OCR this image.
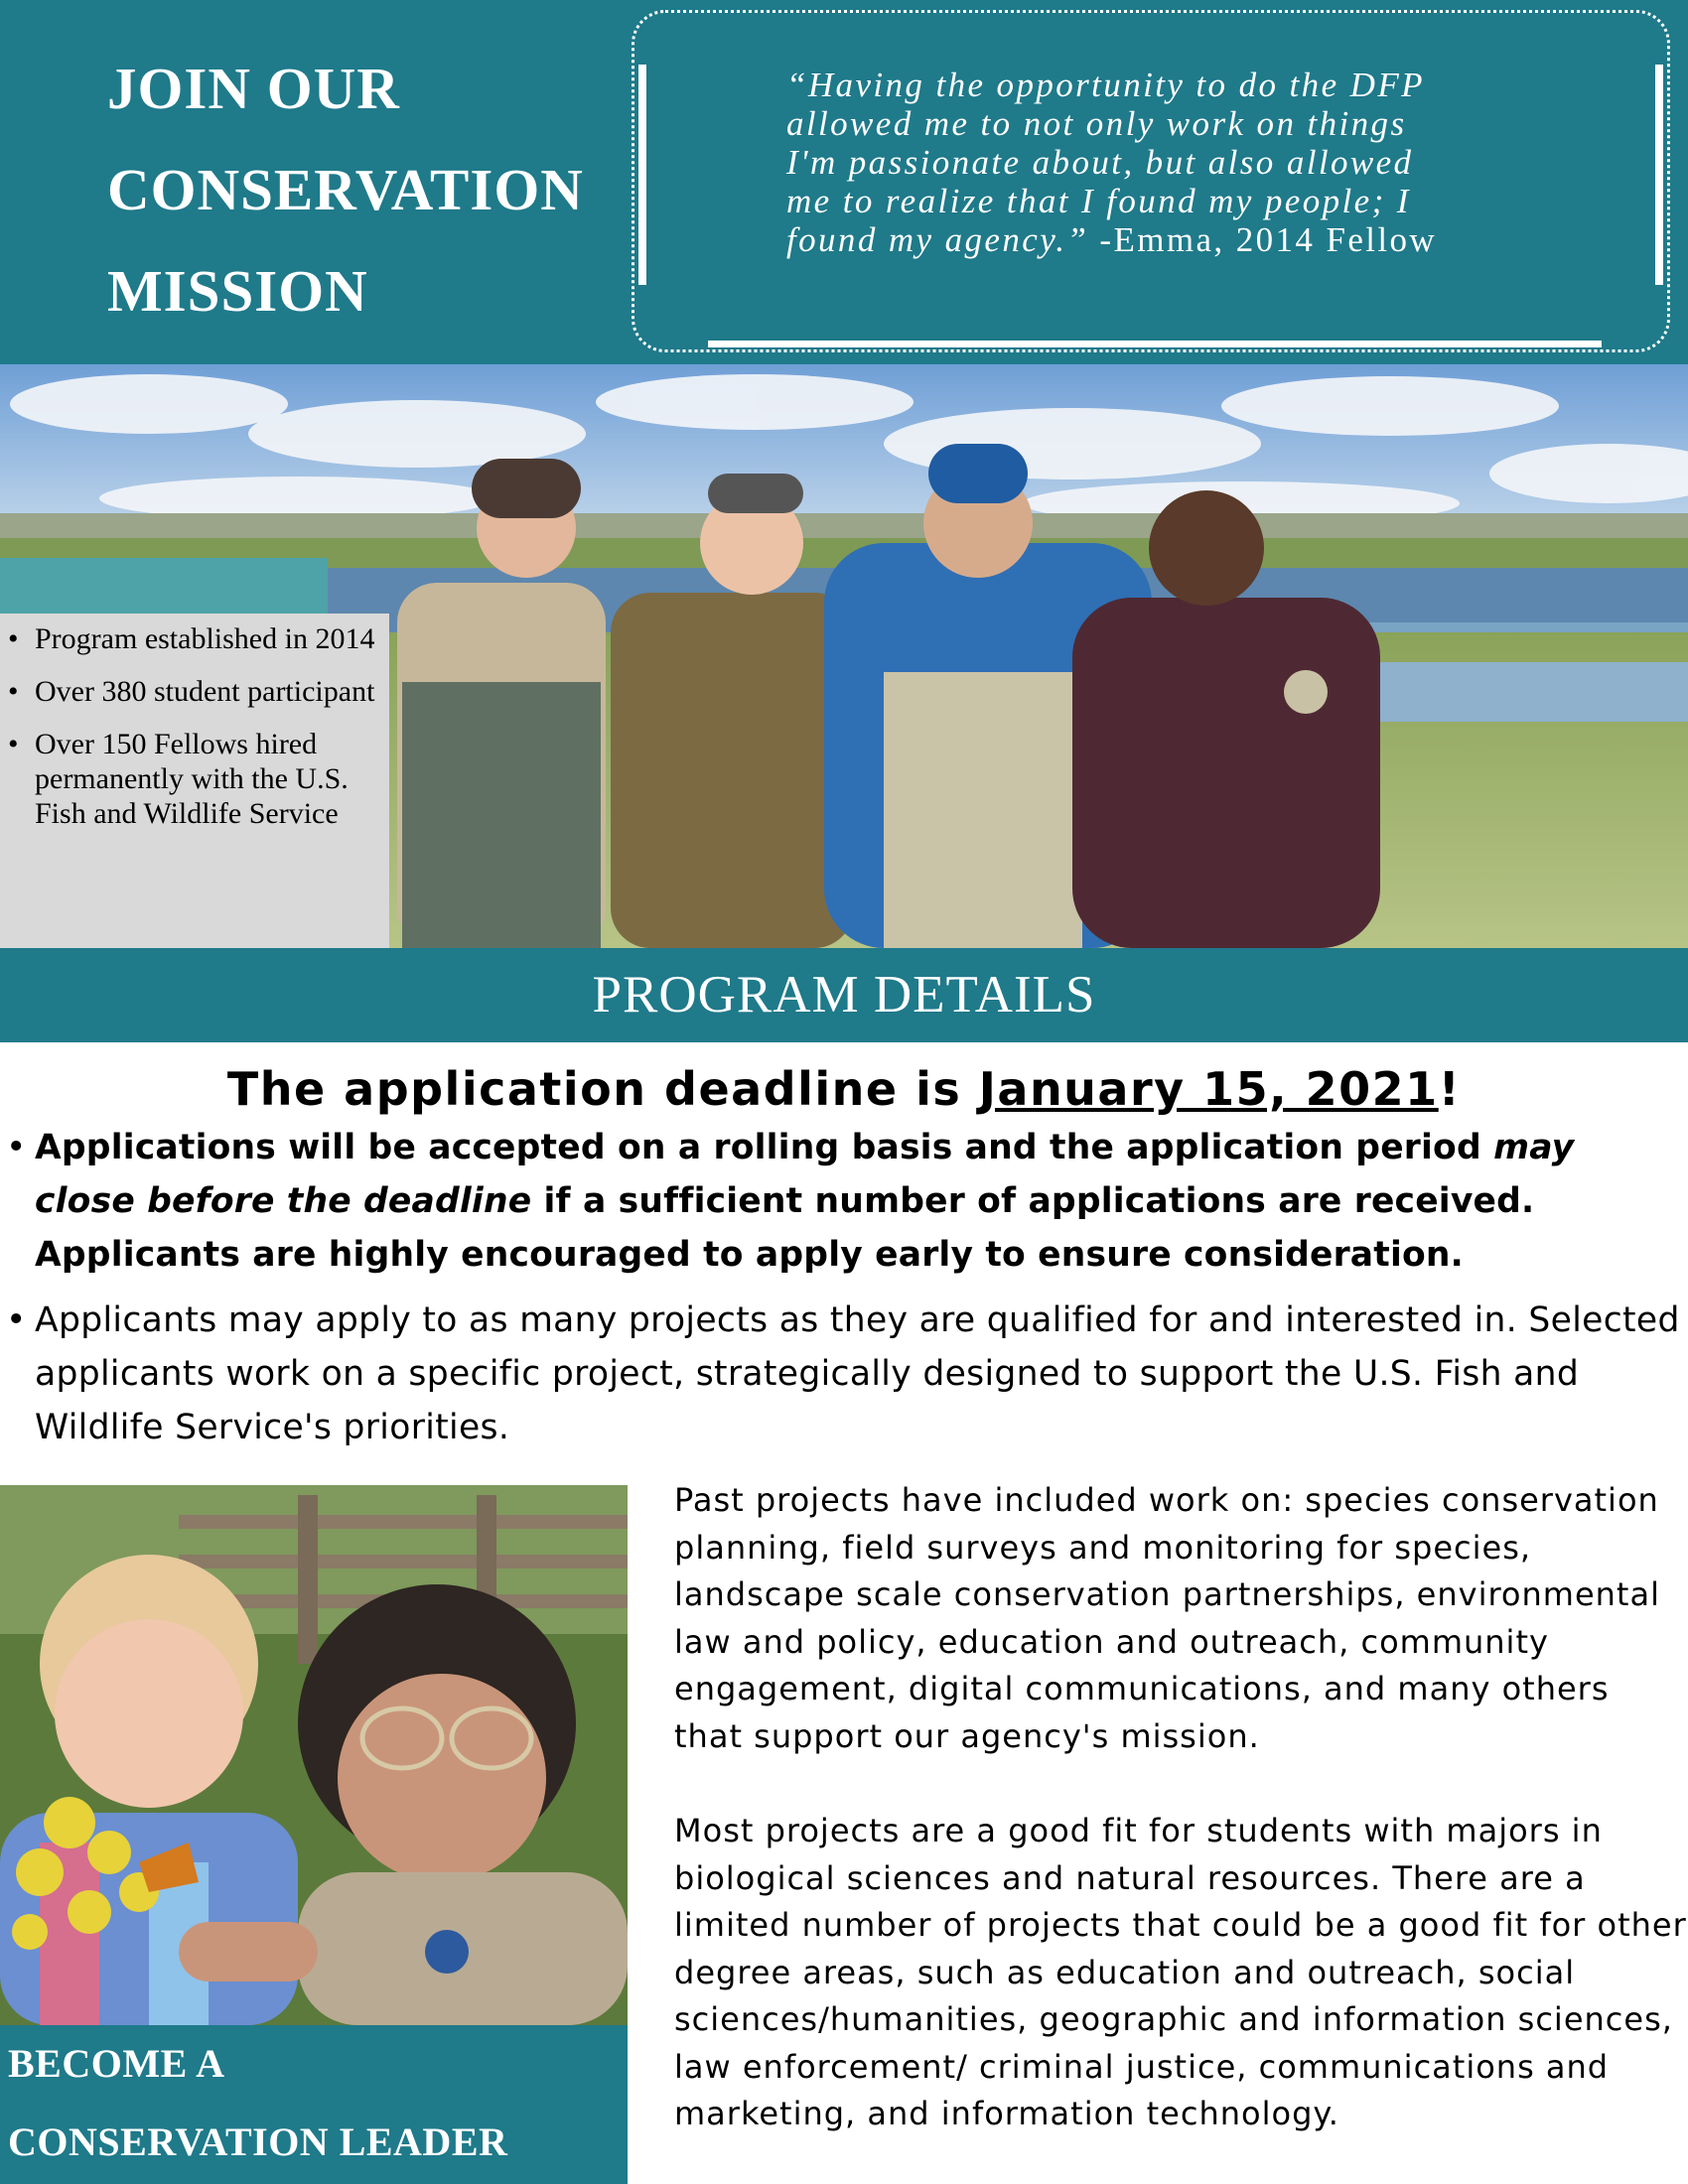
JOIN OUR
CONSERVATION
MISSION
“Having the opportunity to do the DFP
allowed me to not only work on things
I'm passionate about, but also allowed
me to realize that I found my people; I
found my agency.” -Emma, 2014 Fellow
• Program established in 2014
• Over 380 student participant
• Over 150 Fellows hired permanently with the U.S. Fish and Wildlife Service
PROGRAM DETAILS
The application deadline is January 15, 2021!
• Applications will be accepted on a rolling basis and the application period may close before the deadline if a sufficient number of applications are received. Applicants are highly encouraged to apply early to ensure consideration.
• Applicants may apply to as many projects as they are qualified for and interested in. Selected applicants work on a specific project, strategically designed to support the U.S. Fish and Wildlife Service's priorities.
BECOME A
CONSERVATION LEADER

Past projects have included work on: species conservation planning, field surveys and monitoring for species, landscape scale conservation partnerships, environmental law and policy, education and outreach, community engagement, digital communications, and many others that support our agency's mission.

Most projects are a good fit for students with majors in biological sciences and natural resources. There are a limited number of projects that could be a good fit for other degree areas, such as education and outreach, social sciences/humanities, geographic and information sciences, law enforcement/ criminal justice, communications and marketing, and information technology.
